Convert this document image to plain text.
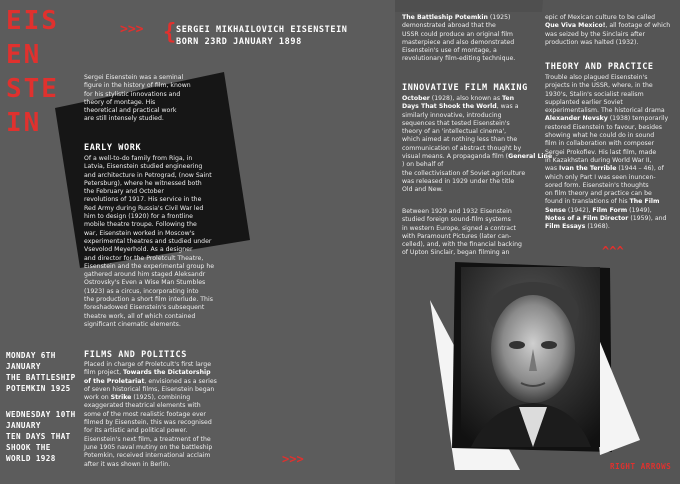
EIS
EN
STE
IN
>>> { SERGEI MIKHAILOVICH EISENSTEIN
BORN 23RD JANUARY 1898
Sergei Eisenstein was a seminal
figure in the history of film, known
for his stylistic innovations and
theory of montage. His
theoretical and practical work
are still intensely studied.
EARLY WORK
Of a well-to-do family from Riga, in
Latvia, Eisenstein studied engineering
and architecture in Petrograd, (now Saint
Petersburg), where he witnessed both
the February and October
revolutions of 1917. His service in the
Red Army during Russia's Civil War led
him to design (1920) for a frontline
mobile theatre troupe. Following the
war, Eisenstein worked in Moscow's
experimental theatres and studied under
Vsevolod Meyerhold. As a designer
and director for the Proletcult Theatre,
Eisenstein and the experimental group he
gathered around him staged Aleksandr
Ostrovsky's Even a Wise Man Stumbles
(1923) as a circus, incorporating into
the production a short film interlude. This
foreshadowed Eisenstein's subsequent
theatre work, all of which contained
significant cinematic elements.
MONDAY 6TH
JANUARY
THE BATTLESHIP
POTEMKIN 1925
WEDNESDAY 10TH
JANUARY
TEN DAYS THAT
SHOOK THE
WORLD 1928
FILMS AND POLITICS
Placed in charge of Proletcult's first large
film project, Towards the Dictatorship
of the Proletariat, envisioned as a series
of seven historical films, Eisenstein began
work on Strike (1925), combining
exaggerated theatrical elements with
some of the most realistic footage ever
filmed by Eisenstein, this was recognised
for its artistic and political power.
Eisenstein's next film, a treatment of the
June 1905 naval mutiny on the battleship
Potemkin, received international acclaim
after it was shown in Berlin.
The Battleship Potemkin (1925)
demonstrated abroad that the
USSR could produce an original film
masterpiece and also demonstrated
Eisenstein's use of montage, a
revolutionary film-editing technique.
INNOVATIVE FILM MAKING
October (1928), also known as Ten
Days That Shook the World, was a
similarly innovative, introducing
sequences that tested Eisenstein's
theory of an 'intellectual cinema',
which aimed at nothing less than the
communication of abstract thought by
visual means. A propaganda film (General Line
) on behalf of
the collectivisation of Soviet agriculture
was released in 1929 under the title
Old and New.
Between 1929 and 1932 Eisenstein
studied foreign sound-film systems
in western Europe, signed a contract
with Paramount Pictures (later can-
celled), and, with the financial backing
of Upton Sinclair, began filming an
epic of Mexican culture to be called
Que Viva Mexico!, all footage of which
was seized by the Sinclairs after
production was halted (1932).
THEORY AND PRACTICE
Trouble also plagued Eisenstein's
projects in the USSR, where, in the
1930's, Stalin's socialist realism
supplanted earlier Soviet
experimentalism. The historical drama
Alexander Nevsky (1938) temporarily
restored Eisenstein to favour, besides
showing what he could do in sound
film in collaboration with composer
Sergei Prokofiev. His last film, made
in Kazakhstan during World War II,
was Ivan the Terrible (1944 – 46), of
which only Part I was seen inuncen-
sored form. Eisenstein's thoughts
on film theory and practice can be
found in translations of his The Film
Sense (1942), Film Form (1949),
Notes of a Film Director (1959), and
Film Essays (1968).
^^^
>>>
RIGHT ARROWS
